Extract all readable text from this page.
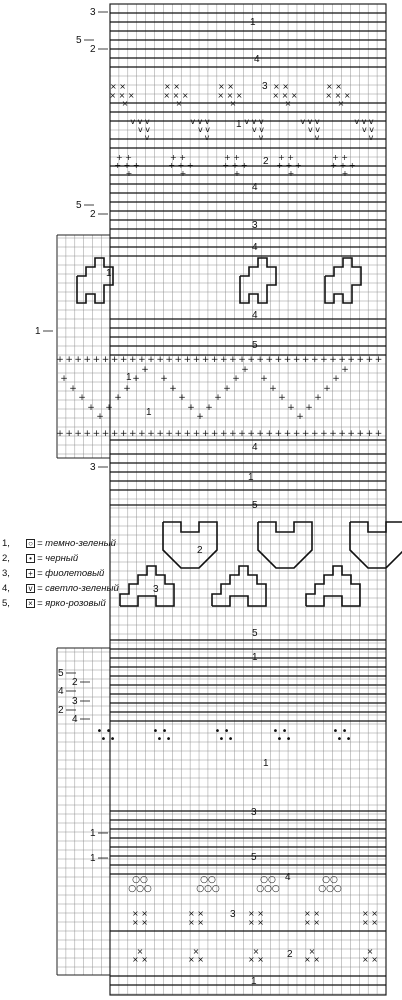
× ×
× × ×
×
× ×
× × ×
×
× ×
× × ×
×
× ×
× × ×
×
× ×
× × ×
×
v v v
v v
v
v v v
v v
v
v v v
v v
v
v v v
v v
v
v v v
v v
v
+ +
+ + +
+
+ +
+ + +
+
+ +
+ + +
+
+ +
+ + +
+
+ +
+ + +
+
+
+
+
+
+
+
+
+
+
+
+
+
+
+
+
+
+
+
+
+
+
+
+
+
+
+
+
+
+
+
+
+
+
+
+
+
+
+
+
+
+
+
+
+
+
+
+
+
+
+
+
+
+
+
+
+
+
+
+
+
+
+
+
+
+
+
+
+
+
+
+
+
+
+
+
+
+
+
+
+
+
+
+
+
+
+
+
+
+
+
+
+
+
+
+
+
+
+
+
+
+
+
• •
• •
• •
• •
• •
• •
• •
• •
• •
• •
○○
○○○
○○
○○○
○○
○○○
○○
○○○
× ×
× ×
×
× ×
× ×
× ×
×
× ×
× ×
× ×
×
× ×
× ×
× ×
×
× ×
× ×
× ×
×
× ×
1
4
3
1
2
4
3
4
1
4
5
1
1
4
1
5
2
3
5
1
1
3
5
4
3
2
1
3
5
2
5
2
1
3
5
2
4
3
2
4
1
1
1,	○ = темно-зеленый
2,	• = черный
3,	+ = фиолетовый
4,	v = светло-зеленый
5,	× = ярко-розовый
